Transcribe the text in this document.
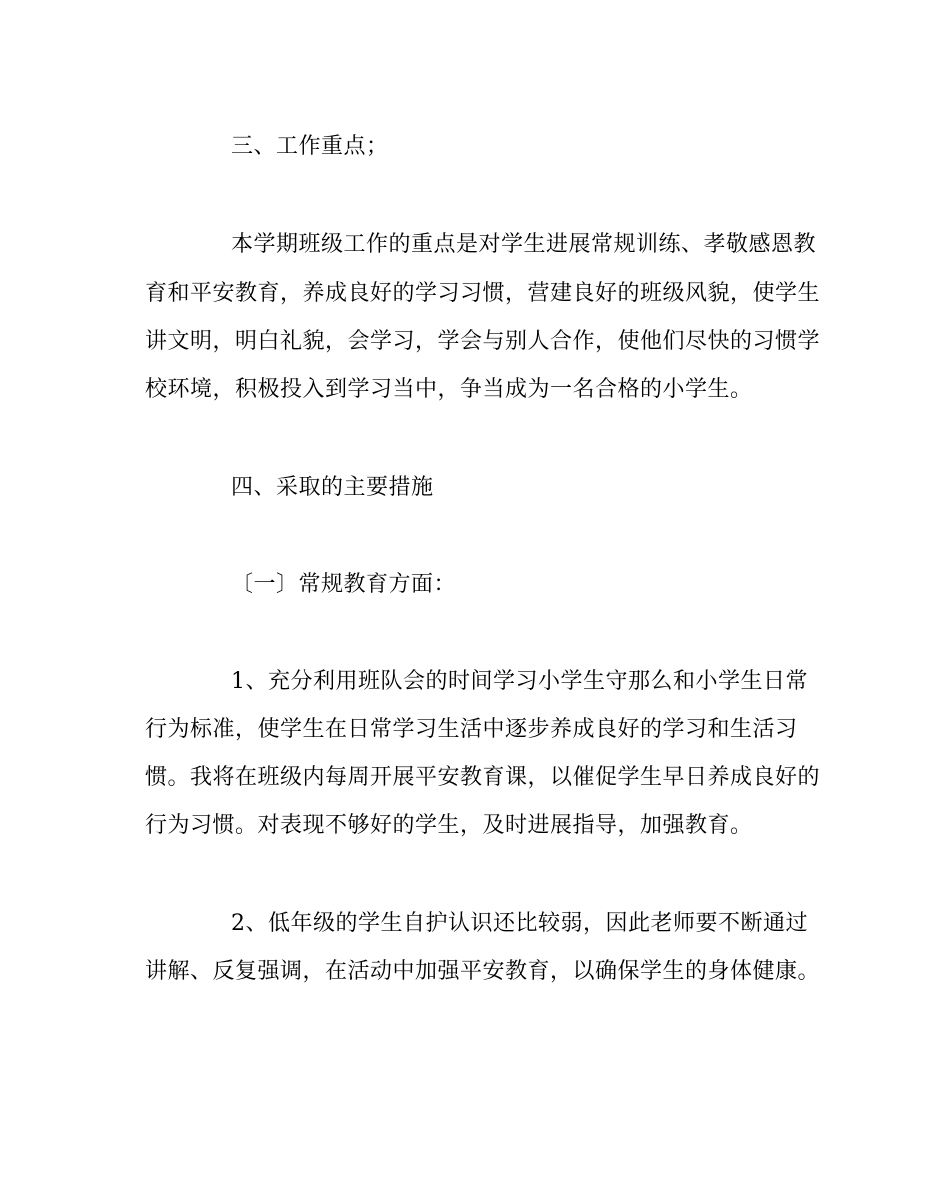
三、工作重点；
本学期班级工作的重点是对学生进展常规训练、孝敬感恩教
育和平安教育，养成良好的学习习惯，营建良好的班级风貌，使学生
讲文明，明白礼貌，会学习，学会与别人合作，使他们尽快的习惯学
校环境，积极投入到学习当中，争当成为一名合格的小学生。
四、采取的主要措施
〔一〕常规教育方面：
1、充分利用班队会的时间学习小学生守那么和小学生日常
行为标准，使学生在日常学习生活中逐步养成良好的学习和生活习
惯。我将在班级内每周开展平安教育课，以催促学生早日养成良好的
行为习惯。对表现不够好的学生，及时进展指导，加强教育。
2、低年级的学生自护认识还比较弱，因此老师要不断通过
讲解、反复强调，在活动中加强平安教育，以确保学生的身体健康。
